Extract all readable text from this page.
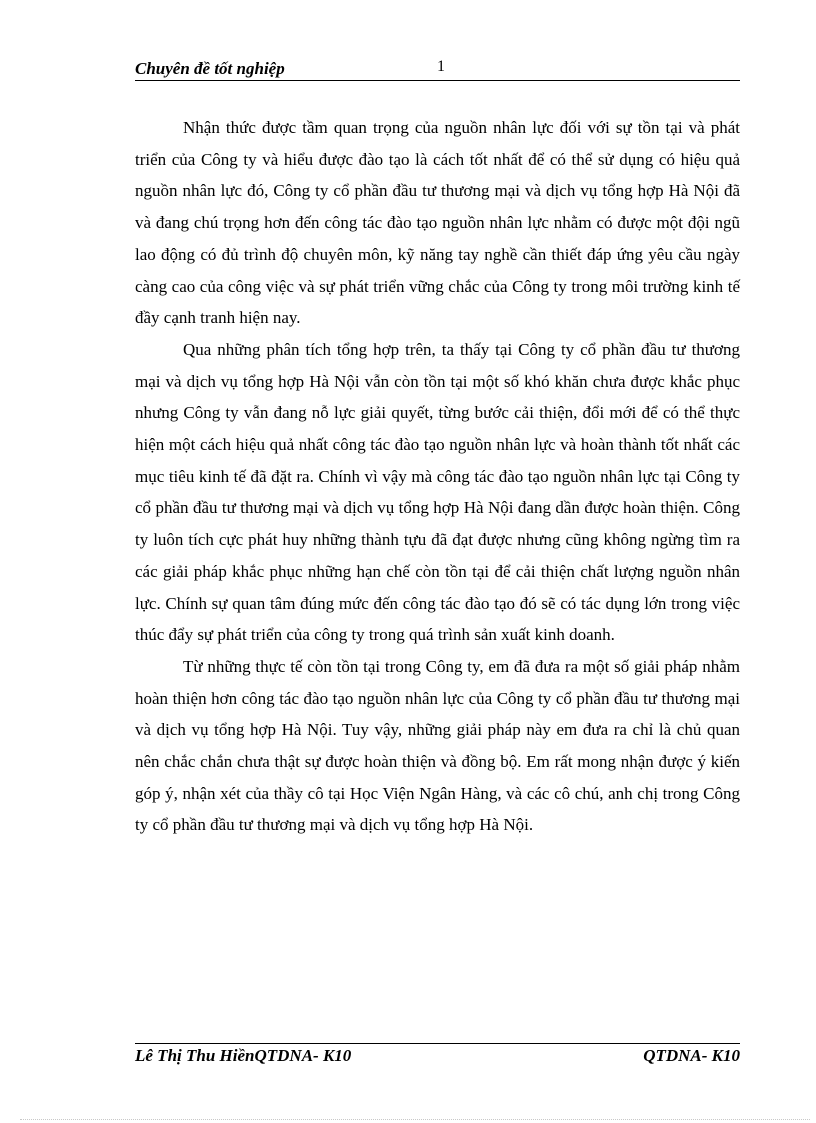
Chuyên đề tốt nghiệp	1

Nhận thức được tầm quan trọng của nguồn nhân lực đối với sự tồn tại và phát triển của Công ty và hiểu được đào tạo là cách tốt nhất để có thể sử dụng có hiệu quả nguồn nhân lực đó, Công ty cổ phần đầu tư thương mại và dịch vụ tổng hợp Hà Nội đã và đang chú trọng hơn đến công tác đào tạo nguồn nhân lực nhằm có được một đội ngũ lao động có đủ trình độ chuyên môn, kỹ năng tay nghề cần thiết đáp ứng yêu cầu ngày càng cao của công việc và sự phát triển vững chắc của Công ty trong môi trường kinh tế đầy cạnh tranh hiện nay.

Qua những phân tích tổng hợp trên, ta thấy tại Công ty cổ phần đầu tư thương mại và dịch vụ tổng hợp Hà Nội vẫn còn tồn tại một số khó khăn chưa được khắc phục nhưng Công ty vẫn đang nỗ lực giải quyết, từng bước cải thiện, đổi mới để có thể thực hiện một cách hiệu quả nhất công tác đào tạo nguồn nhân lực và hoàn thành tốt nhất các mục tiêu kinh tế đã đặt ra. Chính vì vậy mà công tác đào tạo nguồn nhân lực tại Công ty cổ phần đầu tư thương mại và dịch vụ tổng hợp Hà Nội đang dần được hoàn thiện. Công ty luôn tích cực phát huy những thành tựu đã đạt được nhưng cũng không ngừng tìm ra các giải pháp khắc phục những hạn chế còn tồn tại để cải thiện chất lượng nguồn nhân lực. Chính sự quan tâm đúng mức đến công tác đào tạo đó sẽ có tác dụng lớn trong việc thúc đẩy sự phát triển của công ty trong quá trình sản xuất kinh doanh.

Từ những thực tế còn tồn tại trong Công ty, em đã đưa ra một số giải pháp nhằm hoàn thiện hơn công tác đào tạo nguồn nhân lực của Công ty cổ phần đầu tư thương mại và dịch vụ tổng hợp Hà Nội. Tuy vậy, những giải pháp này em đưa ra chỉ là chủ quan nên chắc chắn chưa thật sự được hoàn thiện và đồng bộ. Em rất mong nhận được ý kiến góp ý, nhận xét của thầy cô tại Học Viện Ngân Hàng, và các cô chú, anh chị trong Công ty cổ phần đầu tư thương mại và dịch vụ tổng hợp Hà Nội.

Lê Thị Thu HiềnQTDNA- K10	QTDNA- K10
